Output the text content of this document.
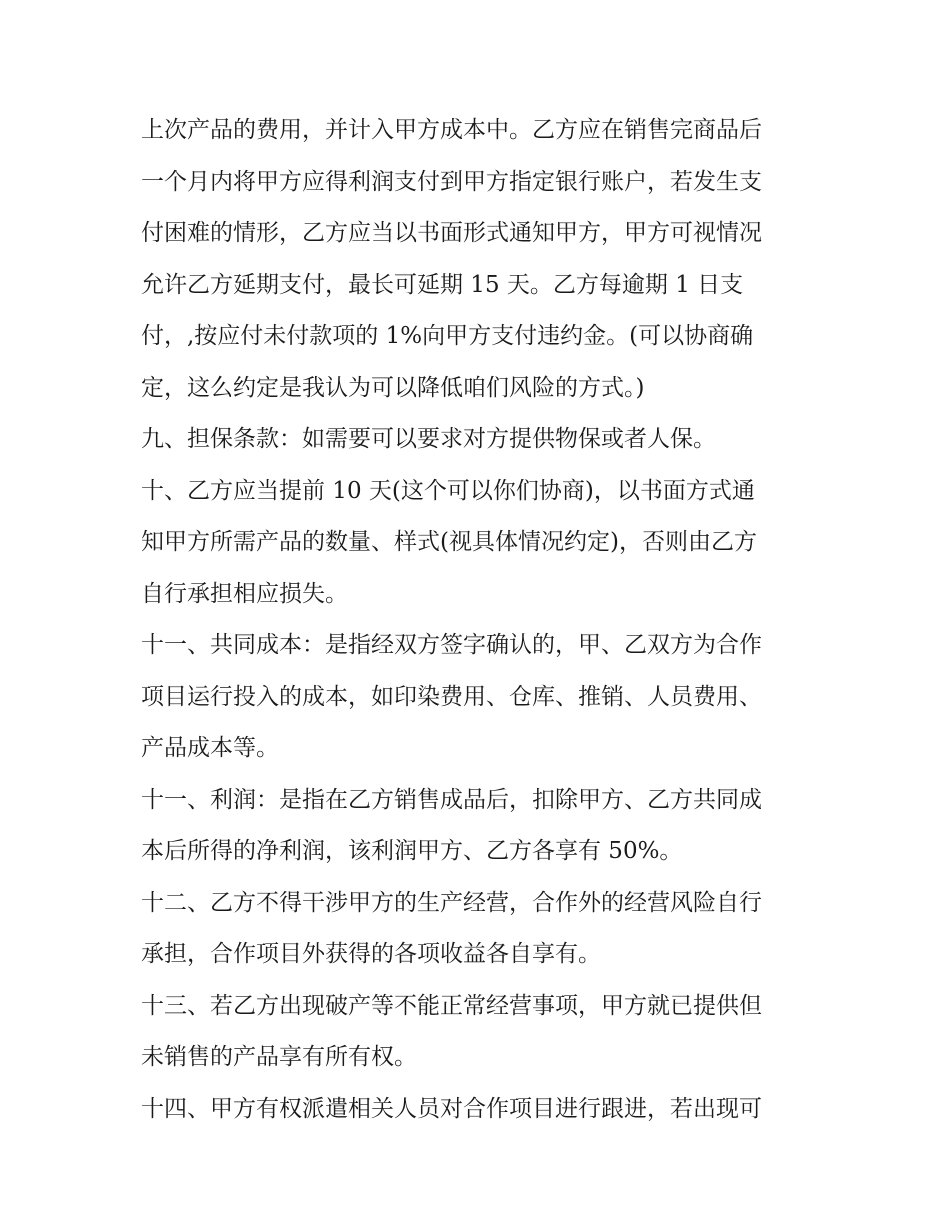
上次产品的费用，并计入甲方成本中。乙方应在销售完商品后
一个月内将甲方应得利润支付到甲方指定银行账户，若发生支
付困难的情形，乙方应当以书面形式通知甲方，甲方可视情况
允许乙方延期支付，最长可延期 15 天。乙方每逾期 1 日支
付，,按应付未付款项的 1%向甲方支付违约金。(可以协商确
定，这么约定是我认为可以降低咱们风险的方式。)
九、担保条款：如需要可以要求对方提供物保或者人保。
十、乙方应当提前 10 天(这个可以你们协商)，以书面方式通
知甲方所需产品的数量、样式(视具体情况约定)，否则由乙方
自行承担相应损失。
十一、共同成本：是指经双方签字确认的，甲、乙双方为合作
项目运行投入的成本，如印染费用、仓库、推销、人员费用、
产品成本等。
十一、利润：是指在乙方销售成品后，扣除甲方、乙方共同成
本后所得的净利润，该利润甲方、乙方各享有 50%。
十二、乙方不得干涉甲方的生产经营，合作外的经营风险自行
承担，合作项目外获得的各项收益各自享有。
十三、若乙方出现破产等不能正常经营事项，甲方就已提供但
未销售的产品享有所有权。
十四、甲方有权派遣相关人员对合作项目进行跟进，若出现可
